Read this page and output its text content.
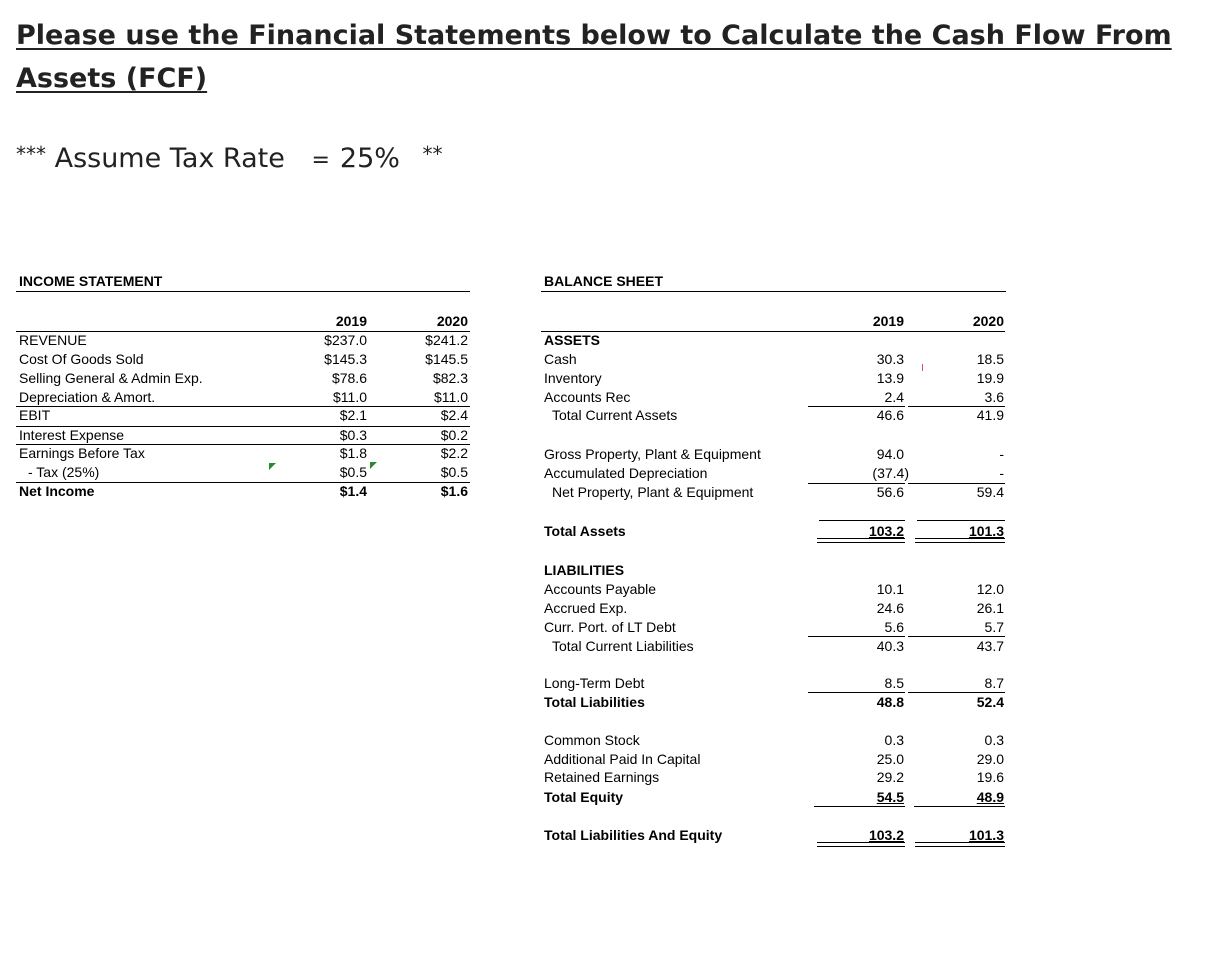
Please use the Financial Statements below to Calculate the Cash Flow From Assets (FCF)
*** Assume Tax Rate = 25% **
INCOME STATEMENT
2019	2020
REVENUE	$237.0	$241.2
Cost Of Goods Sold	$145.3	$145.5
Selling General & Admin Exp.	$78.6	$82.3
Depreciation & Amort.	$11.0	$11.0
EBIT	$2.1	$2.4
Interest Expense	$0.3	$0.2
Earnings Before Tax	$1.8	$2.2
- Tax (25%)	$0.5	$0.5
Net Income	$1.4	$1.6
BALANCE SHEET
2019	2020
ASSETS
Cash	30.3	18.5
Inventory	13.9	19.9
Accounts Rec	2.4	3.6
Total Current Assets	46.6	41.9
Gross Property, Plant & Equipment	94.0	-
Accumulated Depreciation	(37.4)	-
Net Property, Plant & Equipment	56.6	59.4
Total Assets	103.2	101.3
LIABILITIES
Accounts Payable	10.1	12.0
Accrued Exp.	24.6	26.1
Curr. Port. of LT Debt	5.6	5.7
Total Current Liabilities	40.3	43.7
Long-Term Debt	8.5	8.7
Total Liabilities	48.8	52.4
Common Stock	0.3	0.3
Additional Paid In Capital	25.0	29.0
Retained Earnings	29.2	19.6
Total Equity	54.5	48.9
Total Liabilities And Equity	103.2	101.3
